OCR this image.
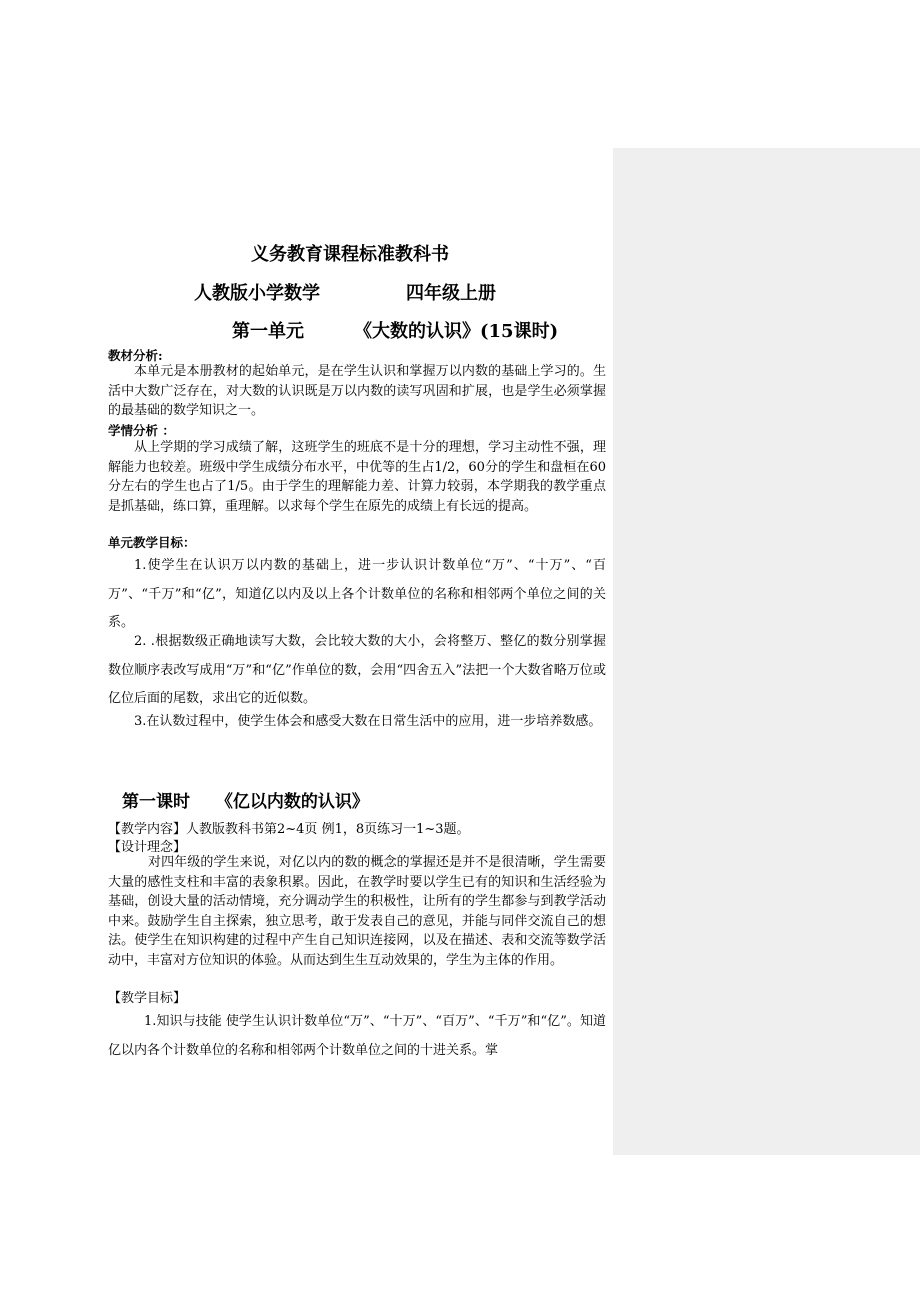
义务教育课程标准教科书
人教版小学数学	四年级上册
第一单元	《大数的认识》(15课时)
教材分析:
本单元是本册教材的起始单元，是在学生认识和掌握万以内数的基础上学习的。生活中大数广泛存在，对大数的认识既是万以内数的读写巩固和扩展，也是学生必须掌握的最基础的数学知识之一。
学情分析 ：
从上学期的学习成绩了解，这班学生的班底不是十分的理想，学习主动性不强，理解能力也较差。班级中学生成绩分布水平，中优等的生占1/2，60分的学生和盘桓在60分左右的学生也占了1/5。由于学生的理解能力差、计算力较弱，本学期我的教学重点是抓基础，练口算，重理解。以求每个学生在原先的成绩上有长远的提高。
单元教学目标：
1.使学生在认识万以内数的基础上，进一步认识计数单位“万”、“十万”、“百万”、“千万”和“亿”，知道亿以内及以上各个计数单位的名称和相邻两个单位之间的关系。
2. .根据数级正确地读写大数，会比较大数的大小，会将整万、整亿的数分别掌握数位顺序表改写成用“万”和“亿”作单位的数，会用“四舍五入”法把一个大数省略万位或亿位后面的尾数，求出它的近似数。
3.在认数过程中，使学生体会和感受大数在日常生活中的应用，进一步培养数感。
第一课时 《亿以内数的认识》
【教学内容】人教版教科书第2~4页 例1，8页练习一1~3题。
【设计理念】
对四年级的学生来说，对亿以内的数的概念的掌握还是并不是很清晰，学生需要大量的感性支柱和丰富的表象积累。因此，在教学时要以学生已有的知识和生活经验为基础，创设大量的活动情境，充分调动学生的积极性，让所有的学生都参与到教学活动中来。鼓励学生自主探索，独立思考，敢于发表自己的意见，并能与同伴交流自己的想法。使学生在知识构建的过程中产生自己知识连接网，以及在描述、表和交流等数学活动中，丰富对方位知识的体验。从而达到生生互动效果的，学生为主体的作用。
【教学目标】
1.知识与技能 使学生认识计数单位“万”、“十万”、“百万”、“千万”和“亿”。知道亿以内各个计数单位的名称和相邻两个计数单位之间的十进关系。掌
